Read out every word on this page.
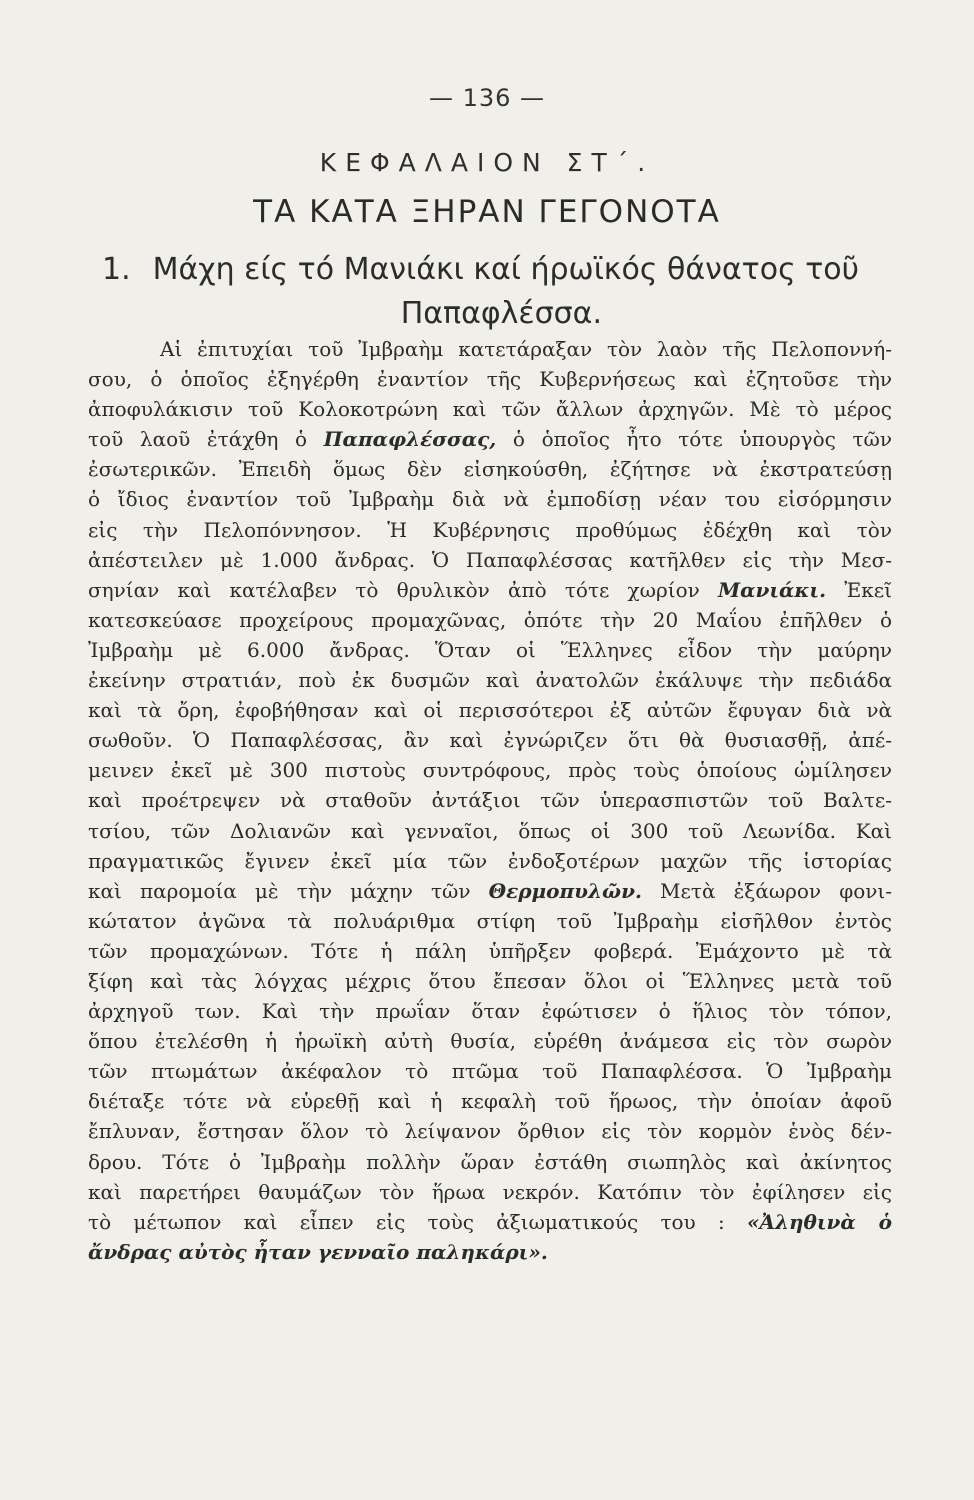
— 136 —
ΚΕΦΑΛΑΙΟΝ ΣΤ΄.
ΤΑ ΚΑΤΑ ΞΗΡΑΝ ΓΕΓΟΝΟΤΑ
1. Μάχη είς τό Μανιάκι καί ήρωϊκός θάνατος τοῦ
Παπαφλέσσα.
Αἱ ἐπιτυχίαι τοῦ Ἰμβραὴμ κατετάραξαν τὸν λαὸν τῆς Πελοποννή-
σου, ὁ ὁποῖος ἐξηγέρθη ἐναντίον τῆς Κυβερνήσεως καὶ ἐζητοῦσε τὴν
ἀποφυλάκισιν τοῦ Κολοκοτρώνη καὶ τῶν ἄλλων ἀρχηγῶν. Μὲ τὸ μέρος
τοῦ λαοῦ ἐτάχθη ὁ Παπαφλέσσας, ὁ ὁποῖος ἦτο τότε ὑπουργὸς τῶν
ἐσωτερικῶν. Ἐπειδὴ ὅμως δὲν εἰσηκούσθη, ἐζήτησε νὰ ἐκστρατεύσῃ
ὁ ἴδιος ἐναντίον τοῦ Ἰμβραὴμ διὰ νὰ ἐμποδίσῃ νέαν του εἰσόρμησιν
εἰς τὴν Πελοπόννησον. Ἡ Κυβέρνησις προθύμως ἐδέχθη καὶ τὸν
ἀπέστειλεν μὲ 1.000 ἄνδρας. Ὁ Παπαφλέσσας κατῆλθεν εἰς τὴν Μεσ-
σηνίαν καὶ κατέλαβεν τὸ θρυλικὸν ἀπὸ τότε χωρίον Μανιάκι. Ἐκεῖ
κατεσκεύασε προχείρους προμαχῶνας, ὁπότε τὴν 20 Μαΐου ἐπῆλθεν ὁ
Ἰμβραὴμ μὲ 6.000 ἄνδρας. Ὅταν οἱ Ἕλληνες εἶδον τὴν μαύρην
ἐκείνην στρατιάν, ποὺ ἐκ δυσμῶν καὶ ἀνατολῶν ἐκάλυψε τὴν πεδιάδα
καὶ τὰ ὄρη, ἐφοβήθησαν καὶ οἱ περισσότεροι ἐξ αὐτῶν ἔφυγαν διὰ νὰ
σωθοῦν. Ὁ Παπαφλέσσας, ἂν καὶ ἐγνώριζεν ὅτι θὰ θυσιασθῇ, ἀπέ-
μεινεν ἐκεῖ μὲ 300 πιστοὺς συντρόφους, πρὸς τοὺς ὁποίους ὡμίλησεν
καὶ προέτρεψεν νὰ σταθοῦν ἀντάξιοι τῶν ὑπερασπιστῶν τοῦ Βαλτε-
τσίου, τῶν Δολιανῶν καὶ γενναῖοι, ὅπως οἱ 300 τοῦ Λεωνίδα. Καὶ
πραγματικῶς ἔγινεν ἐκεῖ μία τῶν ἐνδοξοτέρων μαχῶν τῆς ἱστορίας
καὶ παρομοία μὲ τὴν μάχην τῶν Θερμοπυλῶν. Μετὰ ἐξάωρον φονι-
κώτατον ἀγῶνα τὰ πολυάριθμα στίφη τοῦ Ἰμβραὴμ εἰσῆλθον ἐντὸς
τῶν προμαχώνων. Τότε ἡ πάλη ὑπῆρξεν φοβερά. Ἐμάχοντο μὲ τὰ
ξίφη καὶ τὰς λόγχας μέχρις ὅτου ἔπεσαν ὅλοι οἱ Ἕλληνες μετὰ τοῦ
ἀρχηγοῦ των. Καὶ τὴν πρωΐαν ὅταν ἐφώτισεν ὁ ἥλιος τὸν τόπον,
ὅπου ἐτελέσθη ἡ ἡρωϊκὴ αὐτὴ θυσία, εὑρέθη ἀνάμεσα εἰς τὸν σωρὸν
τῶν πτωμάτων ἀκέφαλον τὸ πτῶμα τοῦ Παπαφλέσσα. Ὁ Ἰμβραὴμ
διέταξε τότε νὰ εὑρεθῇ καὶ ἡ κεφαλὴ τοῦ ἥρωος, τὴν ὁποίαν ἀφοῦ
ἔπλυναν, ἔστησαν ὅλον τὸ λείψανον ὄρθιον εἰς τὸν κορμὸν ἑνὸς δέν-
δρου. Τότε ὁ Ἰμβραὴμ πολλὴν ὥραν ἐστάθη σιωπηλὸς καὶ ἀκίνητος
καὶ παρετήρει θαυμάζων τὸν ἥρωα νεκρόν. Κατόπιν τὸν ἐφίλησεν εἰς
τὸ μέτωπον καὶ εἶπεν εἰς τοὺς ἀξιωματικούς του : «Ἀληθινὰ ὁ
ἄνδρας αὐτὸς ἦταν γενναῖο παληκάρι».
